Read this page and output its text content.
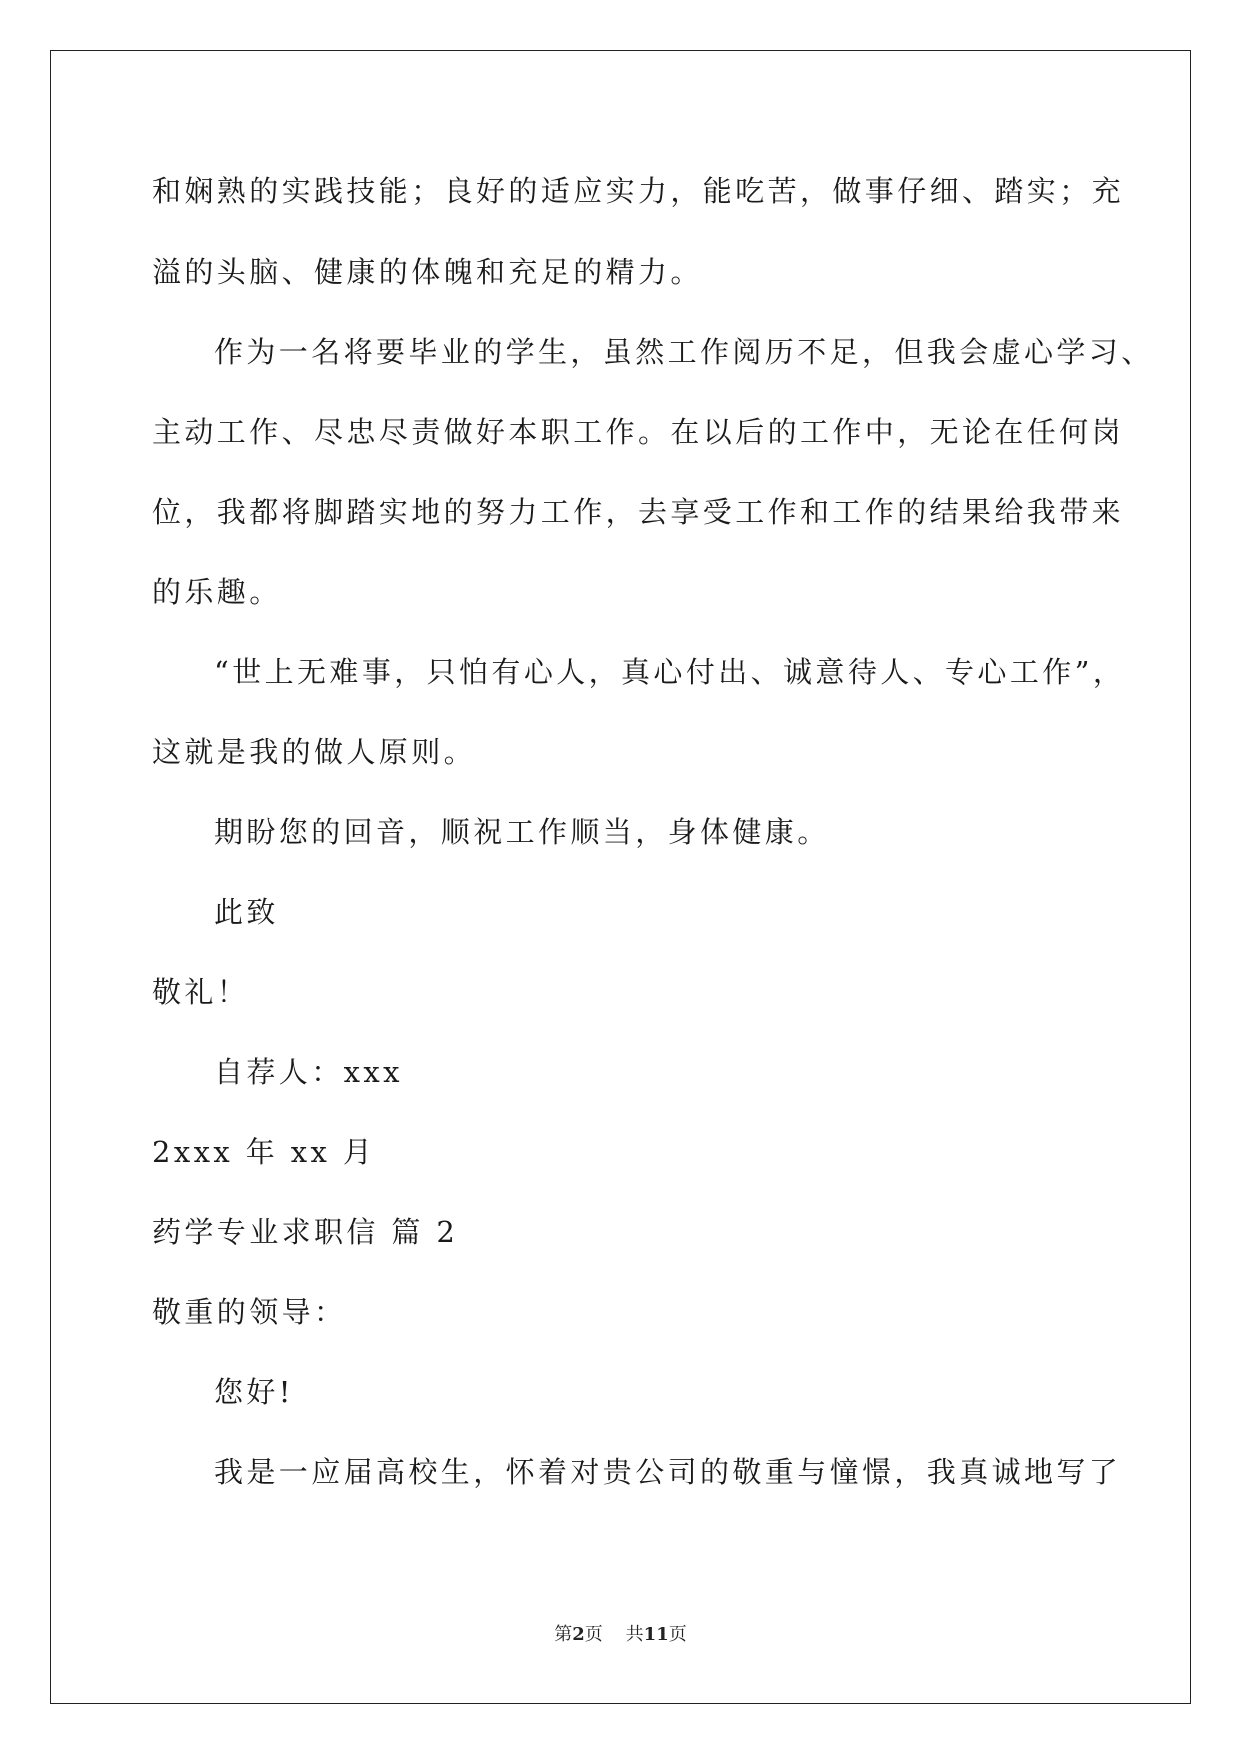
和娴熟的实践技能；良好的适应实力，能吃苦，做事仔细、踏实；充
溢的头脑、健康的体魄和充足的精力。
作为一名将要毕业的学生，虽然工作阅历不足，但我会虚心学习、
主动工作、尽忠尽责做好本职工作。在以后的工作中，无论在任何岗
位，我都将脚踏实地的努力工作，去享受工作和工作的结果给我带来
的乐趣。
“世上无难事，只怕有心人，真心付出、诚意待人、专心工作”，
这就是我的做人原则。
期盼您的回音，顺祝工作顺当，身体健康。
此致
敬礼！
自荐人：xxx
2xxx 年 xx 月
药学专业求职信 篇 2
敬重的领导：
您好!
我是一应届高校生，怀着对贵公司的敬重与憧憬，我真诚地写了
第2页 共11页
